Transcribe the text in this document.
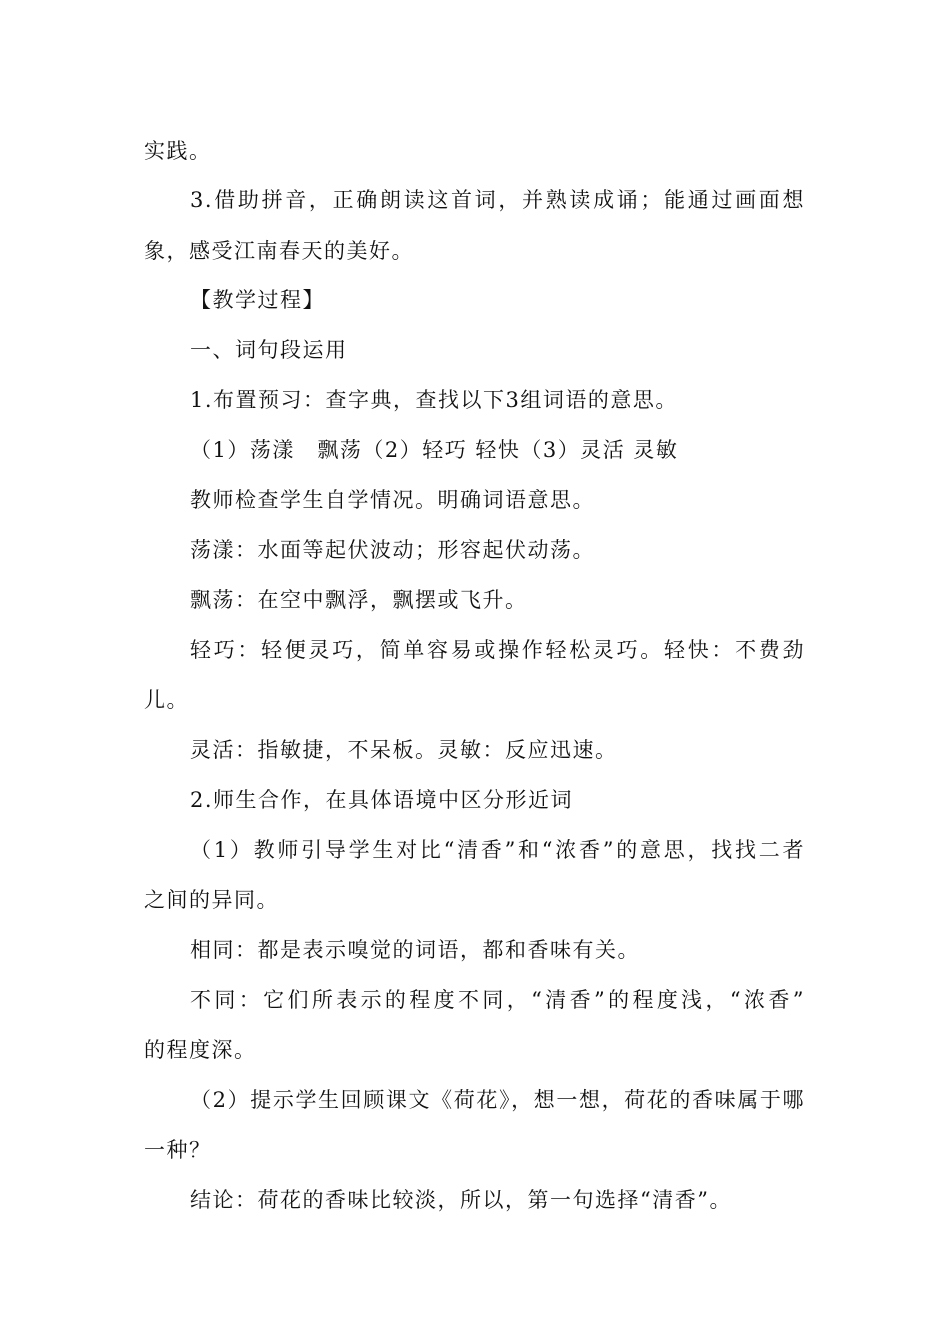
实践。
3.借助拼音，正确朗读这首词，并熟读成诵；能通过画面想
象，感受江南春天的美好。
【教学过程】
一、词句段运用
1.布置预习：查字典，查找以下3组词语的意思。
（1）荡漾　飘荡（2）轻巧 轻快（3）灵活 灵敏
教师检查学生自学情况。明确词语意思。
荡漾：水面等起伏波动；形容起伏动荡。
飘荡：在空中飘浮，飘摆或飞升。
轻巧：轻便灵巧，简单容易或操作轻松灵巧。轻快：不费劲
儿。
灵活：指敏捷，不呆板。灵敏：反应迅速。
2.师生合作，在具体语境中区分形近词
（1）教师引导学生对比“清香”和“浓香”的意思，找找二者
之间的异同。
相同：都是表示嗅觉的词语，都和香味有关。
不同：它们所表示的程度不同，“清香”的程度浅，“浓香”
的程度深。
（2）提示学生回顾课文《荷花》，想一想，荷花的香味属于哪
一种？
结论：荷花的香味比较淡，所以，第一句选择“清香”。
